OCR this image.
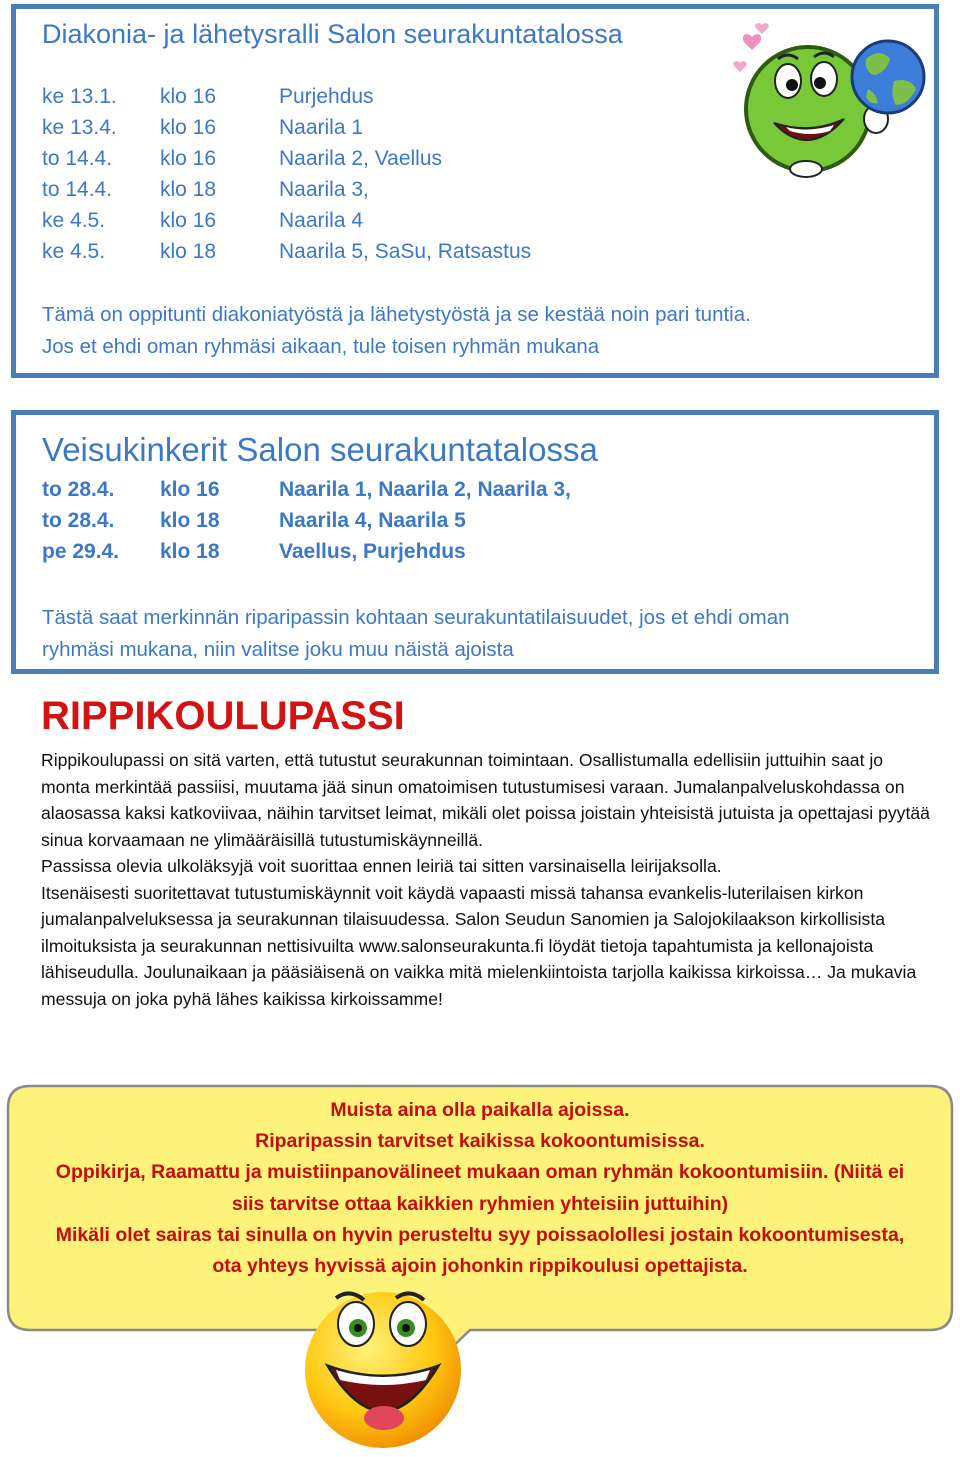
Diakonia- ja lähetysralli Salon seurakuntatalossa
ke 13.1. klo 16	Purjehdus
ke 13.4. klo 16	Naarila 1
to 14.4. klo 16	Naarila 2, Vaellus
to 14.4. klo 18	Naarila 3,
ke 4.5.	klo 16	Naarila 4
ke 4.5.	klo 18	Naarila 5, SaSu, Ratsastus
Tämä on oppitunti diakoniatyöstä ja lähetystyöstä ja se kestää noin pari tuntia.
Jos et ehdi oman ryhmäsi aikaan, tule toisen ryhmän mukana
Veisukinkerit Salon seurakuntatalossa
to 28.4. klo 16	Naarila 1, Naarila 2, Naarila 3,
to 28.4. klo 18	Naarila 4, Naarila 5
pe 29.4. klo 18	Vaellus, Purjehdus
Tästä saat merkinnän riparipassin kohtaan seurakuntatilaisuudet, jos et ehdi oman
ryhmäsi mukana, niin valitse joku muu näistä ajoista
RIPPIKOULUPASSI

Rippikoulupassi on sitä varten, että tutustut seurakunnan toimintaan. Osallistumalla edellisiin juttuihin saat jo monta merkintää passiisi, muutama jää sinun omatoimisen tutustumisesi varaan. Jumalanpalveluskohdassa on alaosassa kaksi katkoviivaa, näihin tarvitset leimat, mikäli olet poissa joistain yhteisistä jutuista ja opettajasi pyytää sinua korvaamaan ne ylimääräisillä tutustumiskäynneillä.

Passissa olevia ulkoläksyjä voit suorittaa ennen leiriä tai sitten varsinaisella leirijaksolla.

Itsenäisesti suoritettavat tutustumiskäynnit voit käydä vapaasti missä tahansa evankelis-luterilaisen kirkon jumalanpalveluksessa ja seurakunnan tilaisuudessa. Salon Seudun Sanomien ja Salojokilaakson kirkollisista ilmoituksista ja seurakunnan nettisivuilta www.salonseurakunta.fi löydät tietoja tapahtumista ja kellonajoista lähiseudulla. Joulunaikaan ja pääsiäisenä on vaikka mitä mielenkiintoista tarjolla kaikissa kirkoissa… Ja mukavia messuja on joka pyhä lähes kaikissa kirkoissamme!

Muista aina olla paikalla ajoissa.

Riparipassin tarvitset kaikissa kokoontumisissa.

Oppikirja, Raamattu ja muistiinpanovälineet mukaan oman ryhmän kokoontumisiin. (Niitä ei siis tarvitse ottaa kaikkien ryhmien yhteisiin juttuihin)

Mikäli olet sairas tai sinulla on hyvin perusteltu syy poissaolollesi jostain kokoontumisesta, ota yhteys hyvissä ajoin johonkin rippikoulusi opettajista.
